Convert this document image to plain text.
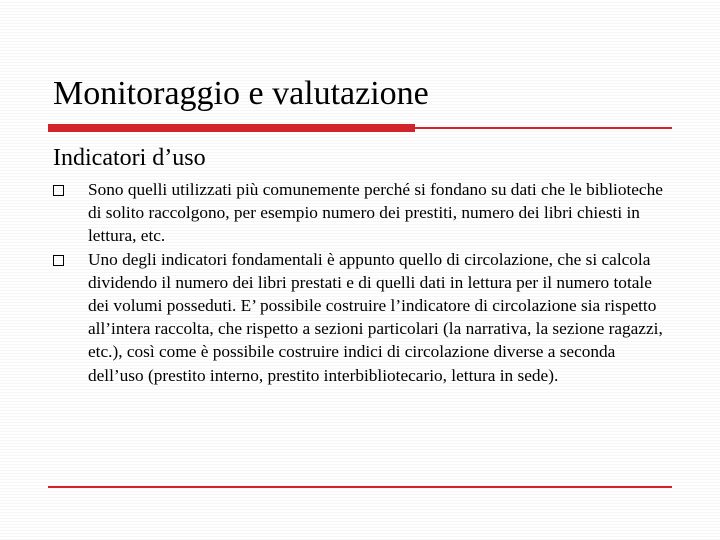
Monitoraggio e valutazione
Indicatori d’uso
Sono quelli utilizzati più comunemente perché si fondano su dati che le biblioteche di solito raccolgono, per esempio numero dei prestiti, numero dei libri chiesti in lettura, etc.
Uno degli indicatori fondamentali è appunto quello di circolazione, che si calcola dividendo il numero dei libri prestati e di quelli dati in lettura per il numero totale dei volumi posseduti. E’ possibile costruire l’indicatore di circolazione sia rispetto all’intera raccolta, che rispetto a sezioni particolari (la narrativa, la sezione ragazzi, etc.), così come è possibile costruire indici di circolazione diverse a seconda dell’uso (prestito interno, prestito interbibliotecario, lettura in sede).
